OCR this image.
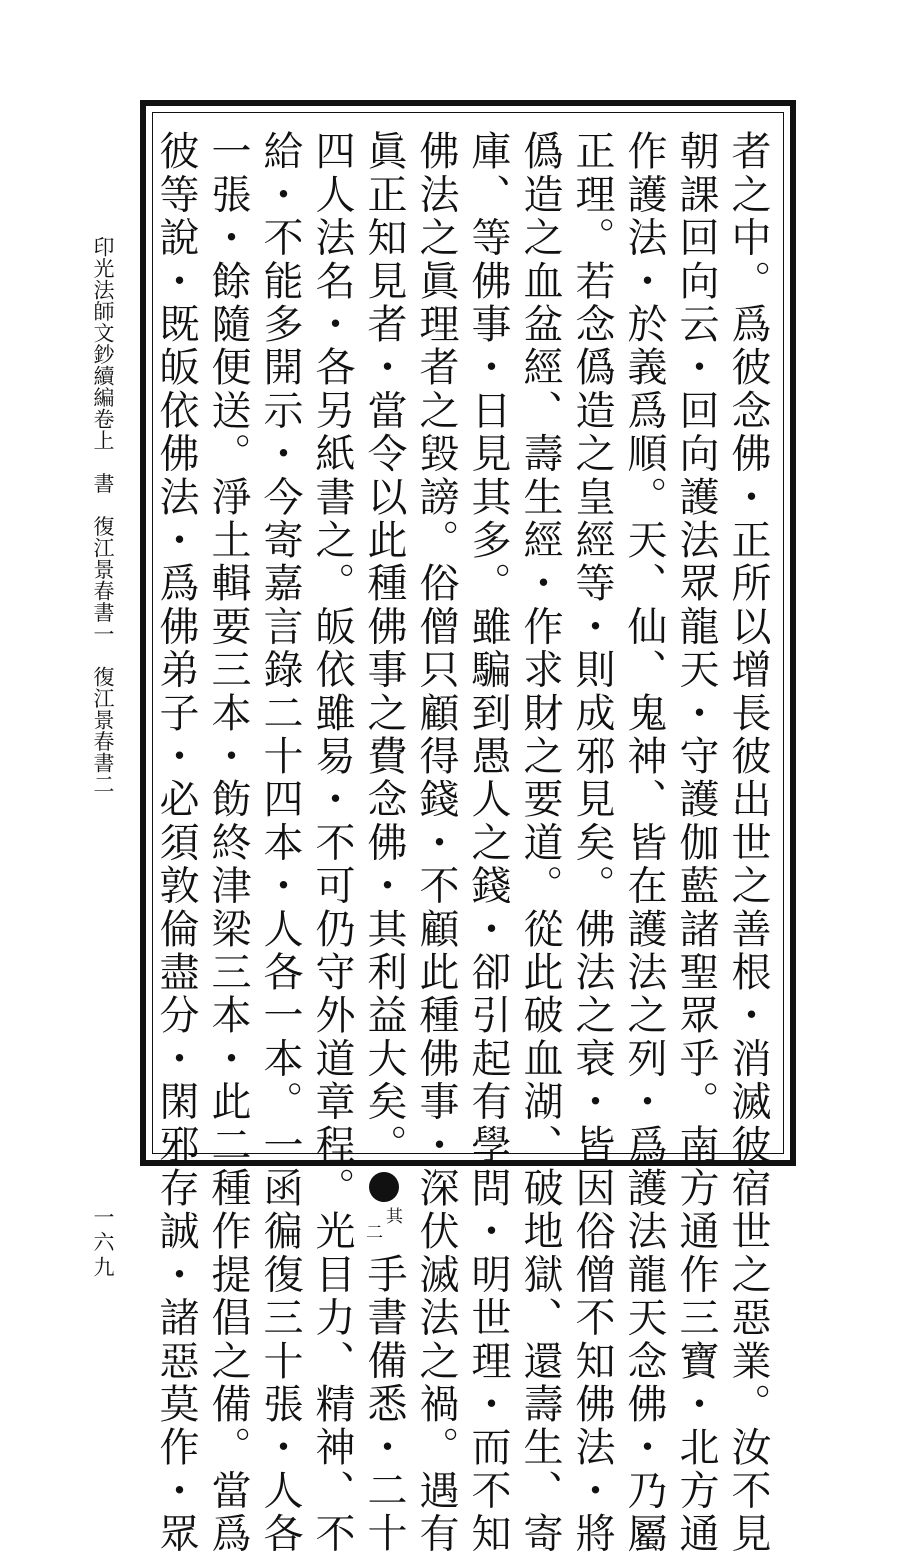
印光法師文鈔續編卷上　書　復江景春書一　復江景春書二
一六九	者之中。爲彼念佛・正所以增長彼出世之善根・消滅彼宿世之惡業。汝不見
朝課回向云・回向護法眾龍天・守護伽藍諸聖眾乎。南方通作三寶・北方通
作護法・於義爲順。天、仙、鬼神、皆在護法之列・爲護法龍天念佛・乃屬
正理。若念僞造之皇經等・則成邪見矣。佛法之衰・皆因俗僧不知佛法・將
僞造之血盆經、壽生經・作求財之要道。從此破血湖、破地獄、還壽生、寄
庫、等佛事・日見其多。雖騙到愚人之錢・卻引起有學問・明世理・而不知
佛法之眞理者之毀謗。俗僧只顧得錢・不顧此種佛事・深伏滅法之禍。遇有
眞正知見者・當令以此種佛事之費念佛・其利益大矣。
其
二
手書備悉・二十
四人法名・各另紙書之。皈依雖易・不可仍守外道章程。光目力、精神、不
給・不能多開示・今寄嘉言錄二十四本・人各一本。一函徧復三十張・人各
一張・餘隨便送。淨土輯要三本・飭終津梁三本・此二種作提倡之備。當爲
彼等說・既皈依佛法・爲佛弟子・必須敦倫盡分・閑邪存誠・諸惡莫作・眾
